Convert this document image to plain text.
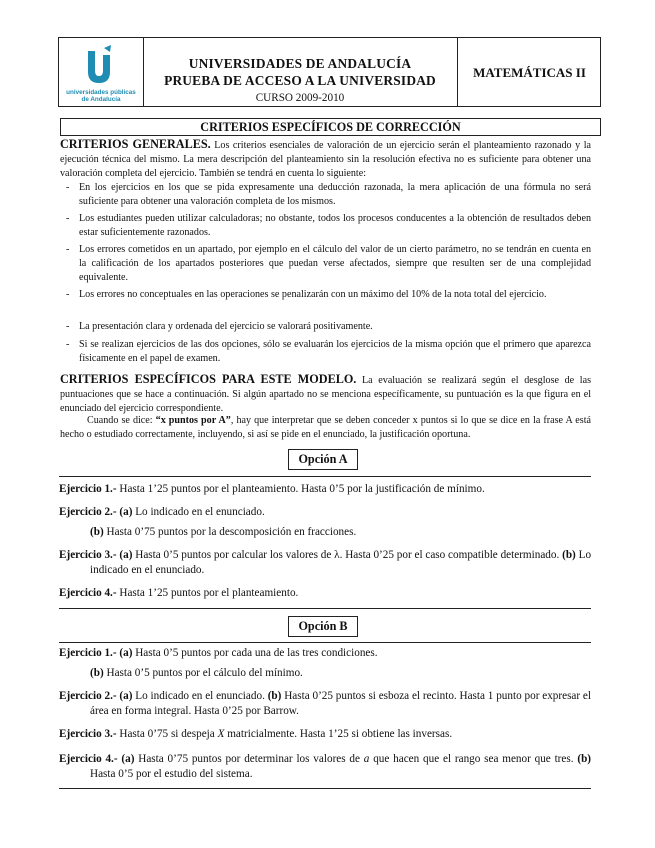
universidades públicas
de Andalucía
UNIVERSIDADES DE ANDALUCÍA
PRUEBA DE ACCESO A LA UNIVERSIDAD
CURSO 2009-2010
MATEMÁTICAS II
CRITERIOS ESPECÍFICOS DE CORRECCIÓN
CRITERIOS GENERALES. Los criterios esenciales de valoración de un ejercicio serán el planteamiento razonado y la ejecución técnica del mismo. La mera descripción del planteamiento sin la resolución efectiva no es suficiente para obtener una valoración completa del ejercicio. También se tendrá en cuenta lo siguiente:
- En los ejercicios en los que se pida expresamente una deducción razonada, la mera aplicación de una fórmula no será suficiente para obtener una valoración completa de los mismos.
- Los estudiantes pueden utilizar calculadoras; no obstante, todos los procesos conducentes a la obtención de resultados deben estar suficientemente razonados.
- Los errores cometidos en un apartado, por ejemplo en el cálculo del valor de un cierto parámetro, no se tendrán en cuenta en la calificación de los apartados posteriores que puedan verse afectados, siempre que resulten ser de una complejidad equivalente.
- Los errores no conceptuales en las operaciones se penalizarán con un máximo del 10% de la nota total del ejercicio.
- La presentación clara y ordenada del ejercicio se valorará positivamente.
- Si se realizan ejercicios de las dos opciones, sólo se evaluarán los ejercicios de la misma opción que el primero que aparezca físicamente en el papel de examen.
CRITERIOS ESPECÍFICOS PARA ESTE MODELO. La evaluación se realizará según el desglose de las puntuaciones que se hace a continuación. Si algún apartado no se menciona específicamente, su puntuación es la que figura en el enunciado del ejercicio correspondiente.
Cuando se dice: “x puntos por A”, hay que interpretar que se deben conceder x puntos si lo que se dice en la frase A está hecho o estudiado correctamente, incluyendo, si así se pide en el enunciado, la justificación oportuna.
Opción A
Ejercicio 1.- Hasta 1’25 puntos por el planteamiento. Hasta 0’5 por la justificación de mínimo.
Ejercicio 2.- (a) Lo indicado en el enunciado.
(b) Hasta 0’75 puntos por la descomposición en fracciones.
Ejercicio 3.- (a) Hasta 0’5 puntos por calcular los valores de λ. Hasta 0’25 por el caso compatible determinado. (b) Lo indicado en el enunciado.
Ejercicio 4.- Hasta 1’25 puntos por el planteamiento.
Opción B
Ejercicio 1.- (a) Hasta 0’5 puntos por cada una de las tres condiciones.
(b) Hasta 0’5 puntos por el cálculo del mínimo.
Ejercicio 2.- (a) Lo indicado en el enunciado. (b) Hasta 0’25 puntos si esboza el recinto. Hasta 1 punto por expresar el área en forma integral. Hasta 0’25 por Barrow.
Ejercicio 3.- Hasta 0’75 si despeja X matricialmente. Hasta 1’25 si obtiene las inversas.
Ejercicio 4.- (a) Hasta 0’75 puntos por determinar los valores de a que hacen que el rango sea menor que tres. (b) Hasta 0’5 por el estudio del sistema.
